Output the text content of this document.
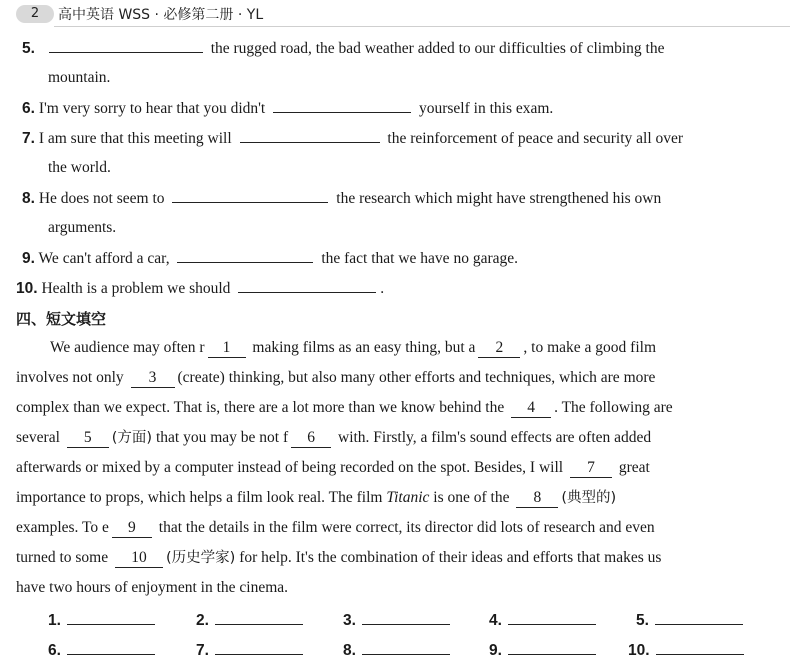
2	高中英语 WSS · 必修第二册 · YL
5.	the rugged road, the bad weather added to our difficulties of climbing the
mountain.
6. I'm very sorry to hear that you didn't	yourself in this exam.
7. I am sure that this meeting will	the reinforcement of peace and security all over
the world.
8. He does not seem to	the research which might have strengthened his own
arguments.
9. We can't afford a car,	the fact that we have no garage.
10. Health is a problem we should	.
四、短文填空
We audience may often r 1 making films as an easy thing, but a 2 , to make a good film
involves not only 3 (create) thinking, but also many other efforts and techniques, which are more
complex than we expect. That is, there are a lot more than we know behind the 4 . The following are
several 5 (方面) that you may be not f 6 with. Firstly, a film's sound effects are often added
afterwards or mixed by a computer instead of being recorded on the spot. Besides, I will 7 great
importance to props, which helps a film look real. The film Titanic is one of the 8 (典型的)
examples. To e 9 that the details in the film were correct, its director did lots of research and even
turned to some 10 (历史学家) for help. It's the combination of their ideas and efforts that makes us
have two hours of enjoyment in the cinema.
1.	2.	3.	4.	5.
6.	7.	8.	9.	10.
